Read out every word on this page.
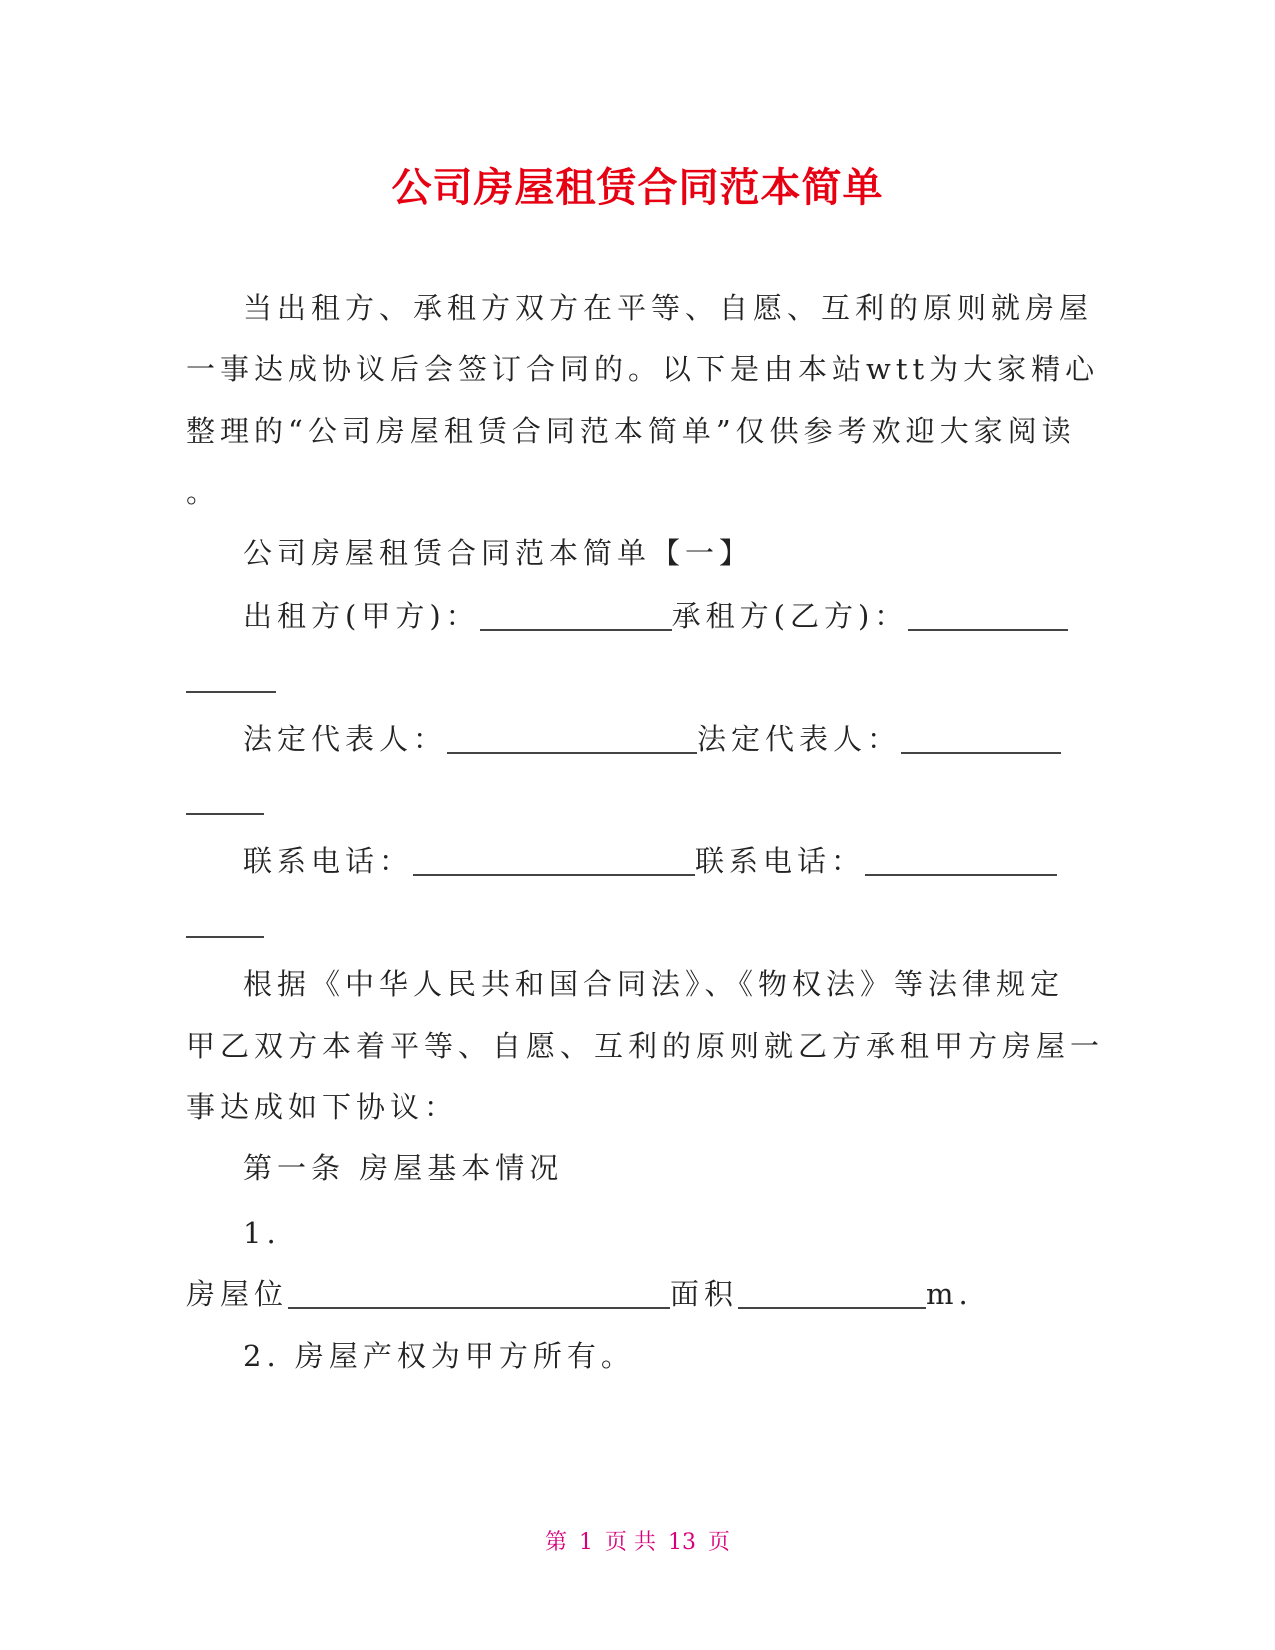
公司房屋租赁合同范本简单
当出租方、承租方双方在平等、自愿、互利的原则就房屋
一事达成协议后会签订合同的。以下是由本站wtt为大家精心
整理的“公司房屋租赁合同范本简单”仅供参考欢迎大家阅读
。
公司房屋租赁合同范本简单【一】
出租方(甲方)：	承租方(乙方)：
法定代表人：	法定代表人：
联系电话：	联系电话：
根据《中华人民共和国合同法》、《物权法》等法律规定
甲乙双方本着平等、自愿、互利的原则就乙方承租甲方房屋一
事达成如下协议：
第一条 房屋基本情况
1.
房屋位	面积	m.
2. 房屋产权为甲方所有。
第 1 页 共 13 页
